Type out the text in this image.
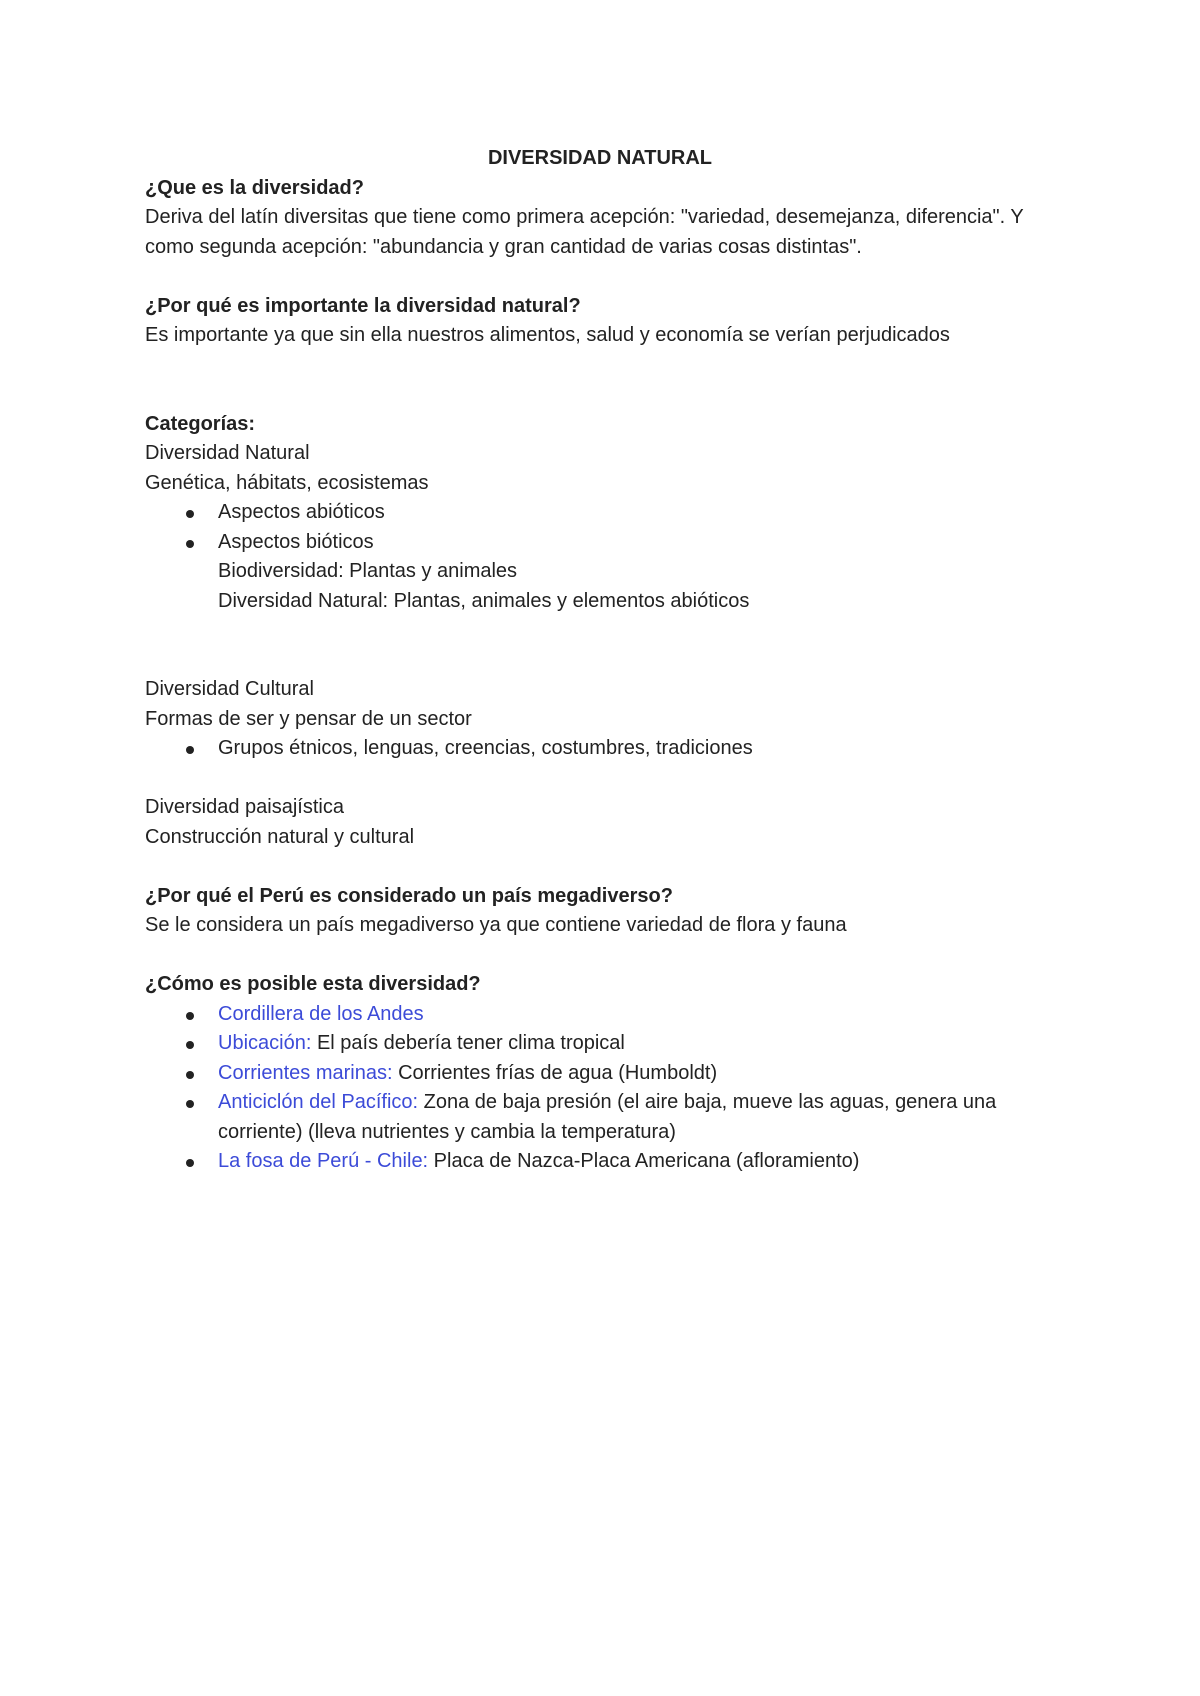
DIVERSIDAD NATURAL

¿Que es la diversidad?

Deriva del latín diversitas que tiene como primera acepción: "variedad, desemejanza, diferencia". Y como segunda acepción: "abundancia y gran cantidad de varias cosas distintas".

¿Por qué es importante la diversidad natural?

Es importante ya que sin ella nuestros alimentos, salud y economía se verían perjudicados

Categorías:

Diversidad Natural

Genética, hábitats, ecosistemas

Aspectos abióticos
Aspectos bióticos

Biodiversidad: Plantas y animales

Diversidad Natural: Plantas, animales y elementos abióticos

Diversidad Cultural

Formas de ser y pensar de un sector

Grupos étnicos, lenguas, creencias, costumbres, tradiciones

Diversidad paisajística

Construcción natural y cultural

¿Por qué el Perú es considerado un país megadiverso?

Se le considera un país megadiverso ya que contiene variedad de flora y fauna

¿Cómo es posible esta diversidad?

Cordillera de los Andes
Ubicación: El país debería tener clima tropical
Corrientes marinas: Corrientes frías de agua (Humboldt)
Anticiclón del Pacífico: Zona de baja presión (el aire baja, mueve las aguas, genera una corriente) (lleva nutrientes y cambia la temperatura)
La fosa de Perú - Chile: Placa de Nazca-Placa Americana (afloramiento)
